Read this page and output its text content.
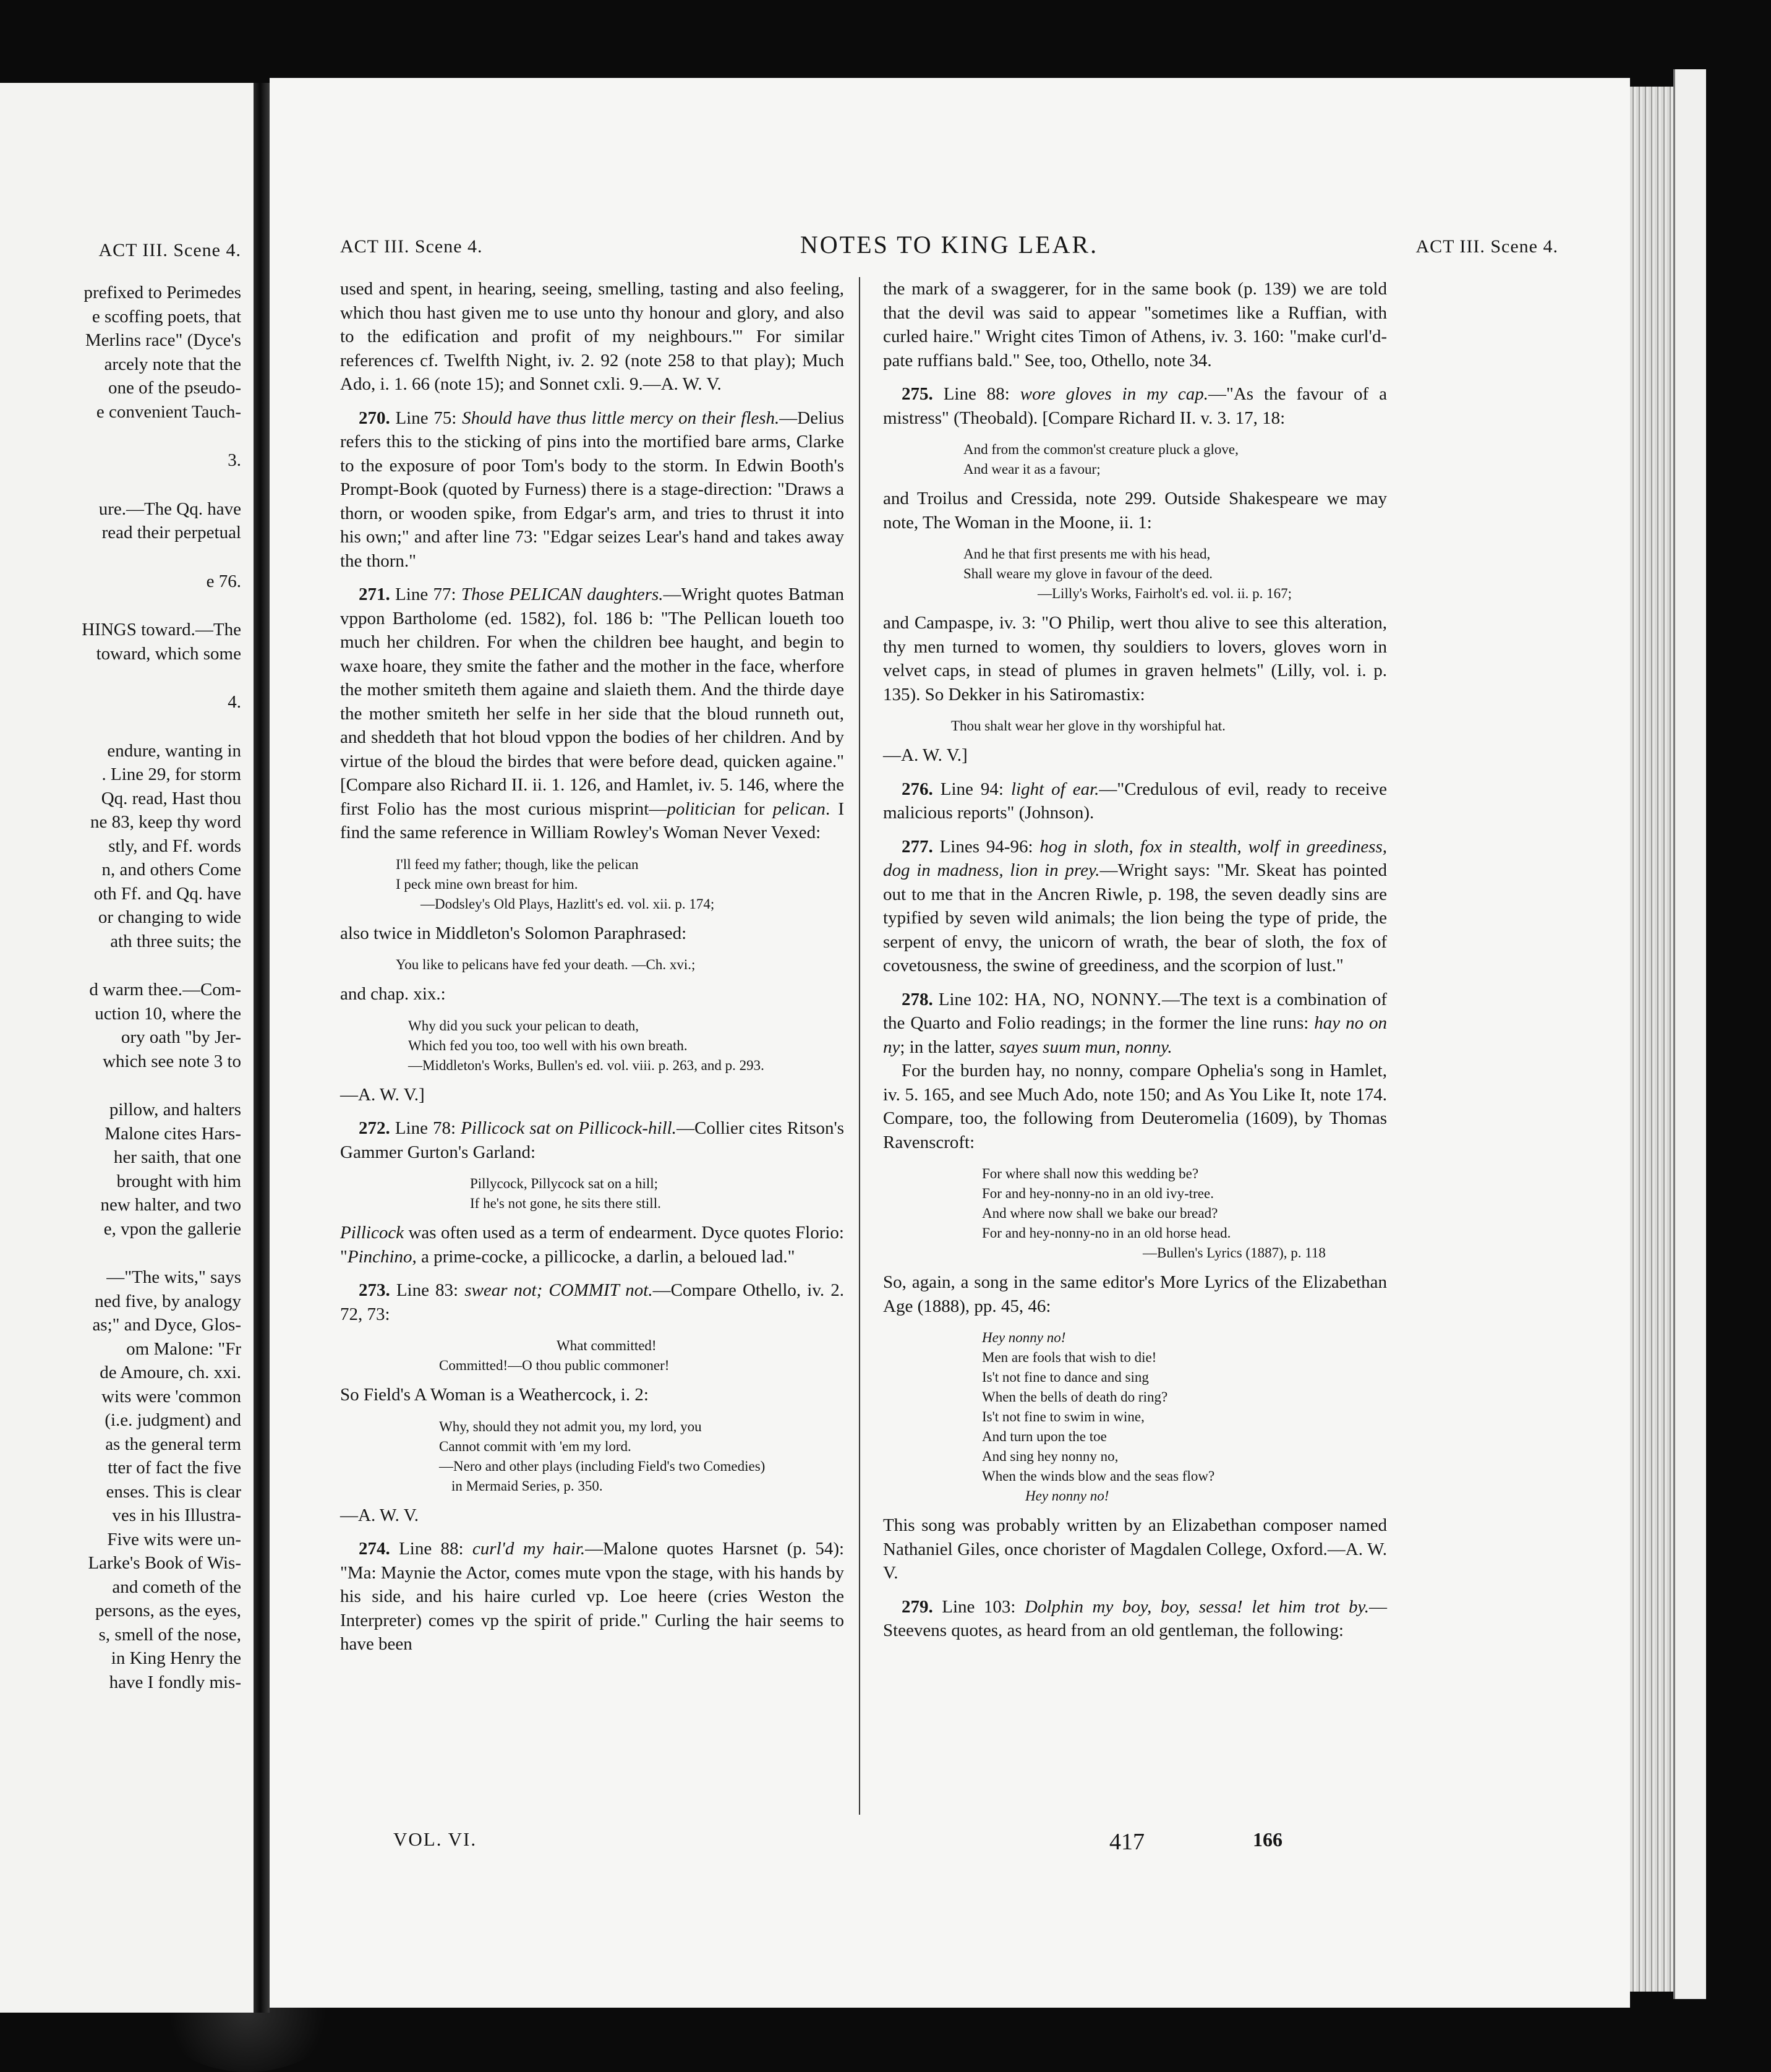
ACT III. Scene 4.
prefixed to Perimedes
e scoffing poets, that
Merlins race" (Dyce's
arcely note that the
one of the pseudo-
e convenient Tauch-
3.
ure.—The Qq. have
read their perpetual
e 76.
HINGS toward.—The
toward, which some
4.
endure, wanting in
. Line 29, for storm
Qq. read, Hast thou
ne 83, keep thy word
stly, and Ff. words
n, and others Come
oth Ff. and Qq. have
or changing to wide
ath three suits; the
d warm thee.—Com-
uction 10, where the
ory oath "by Jer-
which see note 3 to
pillow, and halters
Malone cites Hars-
her saith, that one
brought with him
new halter, and two
e, vpon the gallerie
—"The wits," says
ned five, by analogy
as;" and Dyce, Glos-
om Malone: "Fr
de Amoure, ch. xxi.
wits were 'common
(i.e. judgment) and
as the general term
tter of fact the five
enses. This is clear
ves in his Illustra-
Five wits were un-
Larke's Book of Wis-
and cometh of the
persons, as the eyes,
s, smell of the nose,
in King Henry the
have I fondly mis-
ACT III. Scene 4.	NOTES TO KING LEAR.	ACT III. Scene 4.

used and spent, in hearing, seeing, smelling, tasting and also feeling, which thou hast given me to use unto thy honour and glory, and also to the edification and profit of my neighbours.'" For similar references cf. Twelfth Night, iv. 2. 92 (note 258 to that play); Much Ado, i. 1. 66 (note 15); and Sonnet cxli. 9.—A. W. V.

270. Line 75: Should have thus little mercy on their flesh.—Delius refers this to the sticking of pins into the mortified bare arms, Clarke to the exposure of poor Tom's body to the storm. In Edwin Booth's Prompt-Book (quoted by Furness) there is a stage-direction: "Draws a thorn, or wooden spike, from Edgar's arm, and tries to thrust it into his own;" and after line 73: "Edgar seizes Lear's hand and takes away the thorn."

271. Line 77: Those PELICAN daughters.—Wright quotes Batman vppon Bartholome (ed. 1582), fol. 186 b: "The Pellican loueth too much her children. For when the children bee haught, and begin to waxe hoare, they smite the father and the mother in the face, wherfore the mother smiteth them againe and slaieth them. And the thirde daye the mother smiteth her selfe in her side that the bloud runneth out, and sheddeth that hot bloud vppon the bodies of her children. And by virtue of the bloud the birdes that were before dead, quicken againe." [Compare also Richard II. ii. 1. 126, and Hamlet, iv. 5. 146, where the first Folio has the most curious misprint—politician for pelican. I find the same reference in William Rowley's Woman Never Vexed:

I'll feed my father; though, like the pelican
I peck mine own breast for him.
—Dodsley's Old Plays, Hazlitt's ed. vol. xii. p. 174;

also twice in Middleton's Solomon Paraphrased:

You like to pelicans have fed your death. —Ch. xvi.;

and chap. xix.:

Why did you suck your pelican to death,
Which fed you too, too well with his own breath.
—Middleton's Works, Bullen's ed. vol. viii. p. 263, and p. 293.
—A. W. V.]

272. Line 78: Pillicock sat on Pillicock-hill.—Collier cites Ritson's Gammer Gurton's Garland:

Pillycock, Pillycock sat on a hill;
If he's not gone, he sits there still.

Pillicock was often used as a term of endearment. Dyce quotes Florio: "Pinchino, a prime-cocke, a pillicocke, a darlin, a beloued lad."

273. Line 83: swear not; COMMIT not.—Compare Othello, iv. 2. 72, 73:

What committed!
Committed!—O thou public commoner!

So Field's A Woman is a Weathercock, i. 2:

Why, should they not admit you, my lord, you
Cannot commit with 'em my lord.
—Nero and other plays (including Field's two Comedies)
in Mermaid Series, p. 350.
—A. W. V.

274. Line 88: curl'd my hair.—Malone quotes Harsnet (p. 54): "Ma: Maynie the Actor, comes mute vpon the stage, with his hands by his side, and his haire curled vp. Loe heere (cries Weston the Interpreter) comes vp the spirit of pride." Curling the hair seems to have been

the mark of a swaggerer, for in the same book (p. 139) we are told that the devil was said to appear "sometimes like a Ruffian, with curled haire." Wright cites Timon of Athens, iv. 3. 160: "make curl'd-pate ruffians bald." See, too, Othello, note 34.

275. Line 88: wore gloves in my cap.—"As the favour of a mistress" (Theobald). [Compare Richard II. v. 3. 17, 18:

And from the common'st creature pluck a glove,
And wear it as a favour;

and Troilus and Cressida, note 299. Outside Shakespeare we may note, The Woman in the Moone, ii. 1:

And he that first presents me with his head,
Shall weare my glove in favour of the deed.
—Lilly's Works, Fairholt's ed. vol. ii. p. 167;

and Campaspe, iv. 3: "O Philip, wert thou alive to see this alteration, thy men turned to women, thy souldiers to lovers, gloves worn in velvet caps, in stead of plumes in graven helmets" (Lilly, vol. i. p. 135). So Dekker in his Satiromastix:

Thou shalt wear her glove in thy worshipful hat.
—A. W. V.]

276. Line 94: light of ear.—"Credulous of evil, ready to receive malicious reports" (Johnson).

277. Lines 94-96: hog in sloth, fox in stealth, wolf in greediness, dog in madness, lion in prey.—Wright says: "Mr. Skeat has pointed out to me that in the Ancren Riwle, p. 198, the seven deadly sins are typified by seven wild animals; the lion being the type of pride, the serpent of envy, the unicorn of wrath, the bear of sloth, the fox of covetousness, the swine of greediness, and the scorpion of lust."

278. Line 102: HA, NO, NONNY.—The text is a combination of the Quarto and Folio readings; in the former the line runs: hay no on ny; in the latter, sayes suum mun, nonny.

For the burden hay, no nonny, compare Ophelia's song in Hamlet, iv. 5. 165, and see Much Ado, note 150; and As You Like It, note 174. Compare, too, the following from Deuteromelia (1609), by Thomas Ravenscroft:

For where shall now this wedding be?
For and hey-nonny-no in an old ivy-tree.
And where now shall we bake our bread?
For and hey-nonny-no in an old horse head.
—Bullen's Lyrics (1887), p. 118

So, again, a song in the same editor's More Lyrics of the Elizabethan Age (1888), pp. 45, 46:

Hey nonny no!
Men are fools that wish to die!
Is't not fine to dance and sing
When the bells of death do ring?
Is't not fine to swim in wine,
And turn upon the toe
And sing hey nonny no,
When the winds blow and the seas flow?
Hey nonny no!

This song was probably written by an Elizabethan composer named Nathaniel Giles, once chorister of Magdalen College, Oxford.—A. W. V.

279. Line 103: Dolphin my boy, boy, sessa! let him trot by.—Steevens quotes, as heard from an old gentleman, the following:

VOL. VI.	417	166
